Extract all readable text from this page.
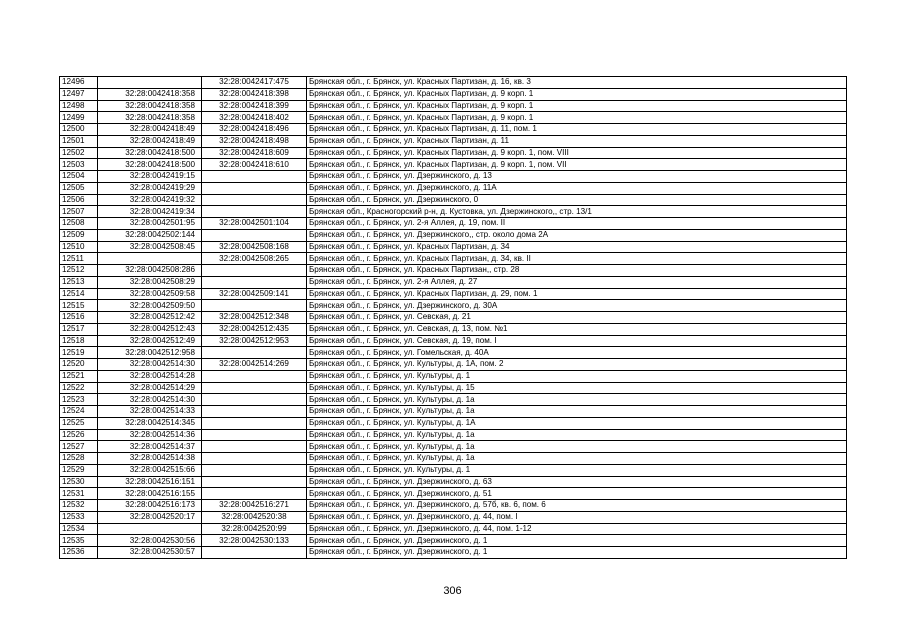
12496		32:28:0042417:475	Брянская обл., г. Брянск, ул. Красных Партизан, д. 16, кв. 3
12497	32:28:0042418:358	32:28:0042418:398	Брянская обл., г. Брянск, ул. Красных Партизан, д. 9 корп. 1
12498	32:28:0042418:358	32:28:0042418:399	Брянская обл., г. Брянск, ул. Красных Партизан, д. 9 корп. 1
12499	32:28:0042418:358	32:28:0042418:402	Брянская обл., г. Брянск, ул. Красных Партизан, д. 9 корп. 1
12500	32:28:0042418:49	32:28:0042418:496	Брянская обл., г. Брянск, ул. Красных Партизан, д. 11, пом. 1
12501	32:28:0042418:49	32:28:0042418:498	Брянская обл., г. Брянск, ул. Красных Партизан, д. 11
12502	32:28:0042418:500	32:28:0042418:609	Брянская обл., г. Брянск, ул. Красных Партизан, д. 9 корп. 1, пом. VIII
12503	32:28:0042418:500	32:28:0042418:610	Брянская обл., г. Брянск, ул. Красных Партизан, д. 9 корп. 1, пом. VII
12504	32:28:0042419:15		Брянская обл., г. Брянск, ул. Дзержинского, д. 13
12505	32:28:0042419:29		Брянская обл., г. Брянск, ул. Дзержинского, д. 11А
12506	32:28:0042419:32		Брянская обл., г. Брянск, ул. Дзержинского, 0
12507	32:28:0042419:34		Брянская обл., Красногорский р-н, д. Кустовка, ул. Дзержинского,, стр. 13/1
12508	32:28:0042501:95	32:28:0042501:104	Брянская обл., г. Брянск, ул. 2-я Аллея, д. 19, пом. II
12509	32:28:0042502:144		Брянская обл., г. Брянск, ул. Дзержинского,, стр. около дома 2А
12510	32:28:0042508:45	32:28:0042508:168	Брянская обл., г. Брянск, ул. Красных Партизан, д. 34
12511		32:28:0042508:265	Брянская обл., г. Брянск, ул. Красных Партизан, д. 34, кв. II
12512	32:28:0042508:286		Брянская обл., г. Брянск, ул. Красных Партизан,, стр. 28
12513	32:28:0042508:29		Брянская обл., г. Брянск, ул. 2-я Аллея, д. 27
12514	32:28:0042509:58	32:28:0042509:141	Брянская обл., г. Брянск, ул. Красных Партизан, д. 29, пом. 1
12515	32:28:0042509:50		Брянская обл., г. Брянск, ул. Дзержинского, д. 30А
12516	32:28:0042512:42	32:28:0042512:348	Брянская обл., г. Брянск, ул. Севская, д. 21
12517	32:28:0042512:43	32:28:0042512:435	Брянская обл., г. Брянск, ул. Севская, д. 13, пом. №1
12518	32:28:0042512:49	32:28:0042512:953	Брянская обл., г. Брянск, ул. Севская, д. 19, пом. I
12519	32:28:0042512:958		Брянская обл., г. Брянск, ул. Гомельская, д. 40А
12520	32:28:0042514:30	32:28:0042514:269	Брянская обл., г. Брянск, ул. Культуры, д. 1А, пом. 2
12521	32:28:0042514:28		Брянская обл., г. Брянск, ул. Культуры, д. 1
12522	32:28:0042514:29		Брянская обл., г. Брянск, ул. Культуры, д. 15
12523	32:28:0042514:30		Брянская обл., г. Брянск, ул. Культуры, д. 1а
12524	32:28:0042514:33		Брянская обл., г. Брянск, ул. Культуры, д. 1а
12525	32:28:0042514:345		Брянская обл., г. Брянск, ул. Культуры, д. 1А
12526	32:28:0042514:36		Брянская обл., г. Брянск, ул. Культуры, д. 1а
12527	32:28:0042514:37		Брянская обл., г. Брянск, ул. Культуры, д. 1а
12528	32:28:0042514:38		Брянская обл., г. Брянск, ул. Культуры, д. 1а
12529	32:28:0042515:66		Брянская обл., г. Брянск, ул. Культуры, д. 1
12530	32:28:0042516:151		Брянская обл., г. Брянск, ул. Дзержинского, д. 63
12531	32:28:0042516:155		Брянская обл., г. Брянск, ул. Дзержинского, д. 51
12532	32:28:0042516:173	32:28:0042516:271	Брянская обл., г. Брянск, ул. Дзержинского, д. 57б, кв. 6, пом. 6
12533	32:28:0042520:17	32:28:0042520:38	Брянская обл., г. Брянск, ул. Дзержинского, д. 44, пом. I
12534		32:28:0042520:99	Брянская обл., г. Брянск, ул. Дзержинского, д. 44, пом. 1-12
12535	32:28:0042530:56	32:28:0042530:133	Брянская обл., г. Брянск, ул. Дзержинского, д. 1
12536	32:28:0042530:57		Брянская обл., г. Брянск, ул. Дзержинского, д. 1
306
